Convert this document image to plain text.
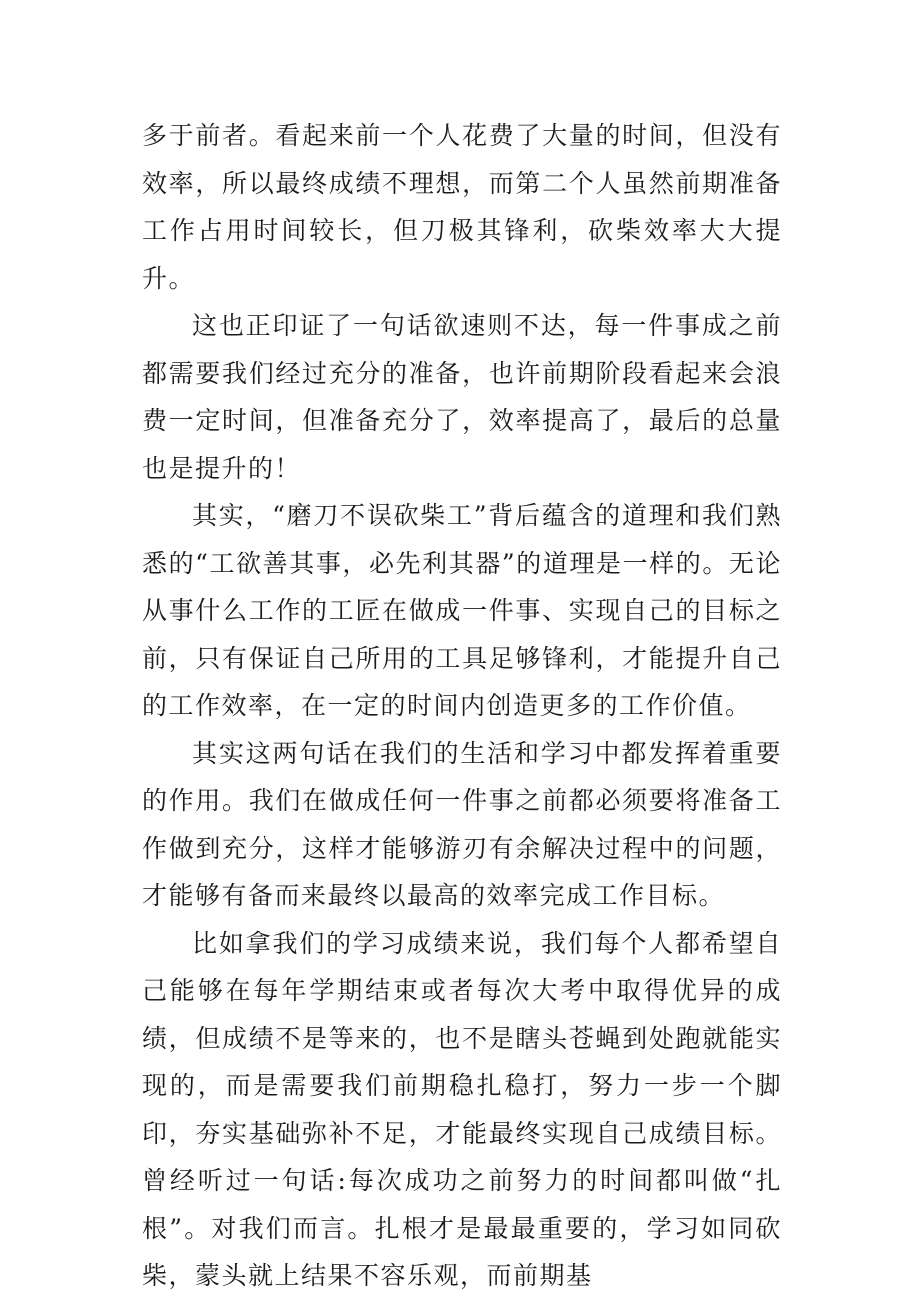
多于前者。看起来前一个人花费了大量的时间，但没有效率，所以最终成绩不理想，而第二个人虽然前期准备工作占用时间较长，但刀极其锋利，砍柴效率大大提升。

这也正印证了一句话欲速则不达，每一件事成之前都需要我们经过充分的准备，也许前期阶段看起来会浪费一定时间，但准备充分了，效率提高了，最后的总量也是提升的！

其实，“磨刀不误砍柴工”背后蕴含的道理和我们熟悉的“工欲善其事，必先利其器”的道理是一样的。无论从事什么工作的工匠在做成一件事、实现自己的目标之前，只有保证自己所用的工具足够锋利，才能提升自己的工作效率，在一定的时间内创造更多的工作价值。

其实这两句话在我们的生活和学习中都发挥着重要的作用。我们在做成任何一件事之前都必须要将准备工作做到充分，这样才能够游刃有余解决过程中的问题，才能够有备而来最终以最高的效率完成工作目标。

比如拿我们的学习成绩来说，我们每个人都希望自己能够在每年学期结束或者每次大考中取得优异的成绩，但成绩不是等来的，也不是瞎头苍蝇到处跑就能实现的，而是需要我们前期稳扎稳打，努力一步一个脚印，夯实基础弥补不足，才能最终实现自己成绩目标。曾经听过一句话:每次成功之前努力的时间都叫做“扎根”。对我们而言。扎根才是最最重要的，学习如同砍柴，蒙头就上结果不容乐观，而前期基
